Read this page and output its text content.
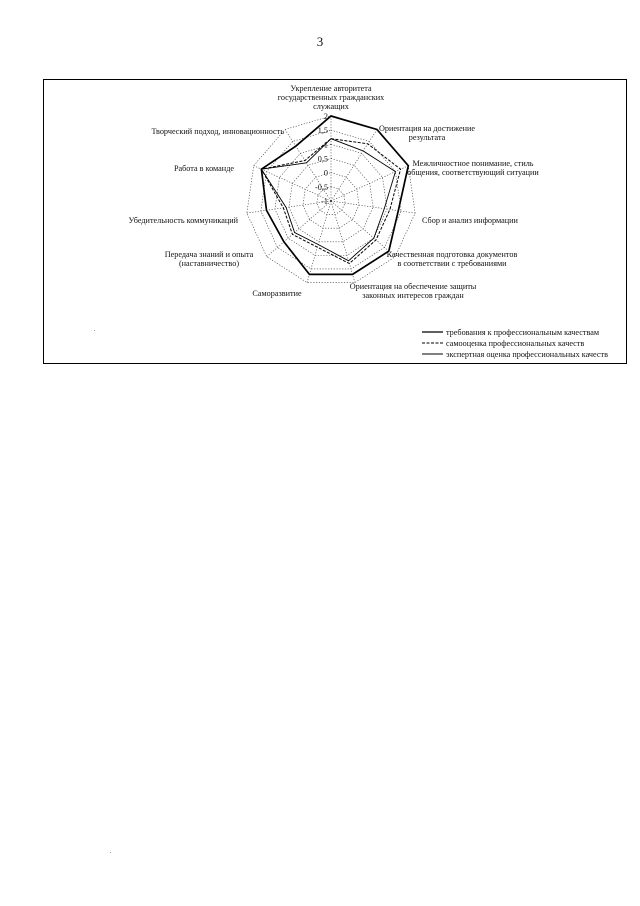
3
2
1,5
1
0,5
0
-0,5
-1
Укрепление авторитета
государственных гражданских
служащих
Ориентация на достижение
результата
Межличностное понимание, стиль
общения, соответствующий ситуации
Сбор и анализ информации
Качественная подготовка документов
в соответствии с требованиями
Ориентация на обеспечение защиты
законных интересов граждан
Саморазвитие
Передача знаний и опыта
(наставничество)
Убедительность коммуникаций
Работа в команде
Творческий подход, инновационность
требования к профессиональным качествам
самооценка профессиональных качеств
экспертная оценка профессиональных качеств
